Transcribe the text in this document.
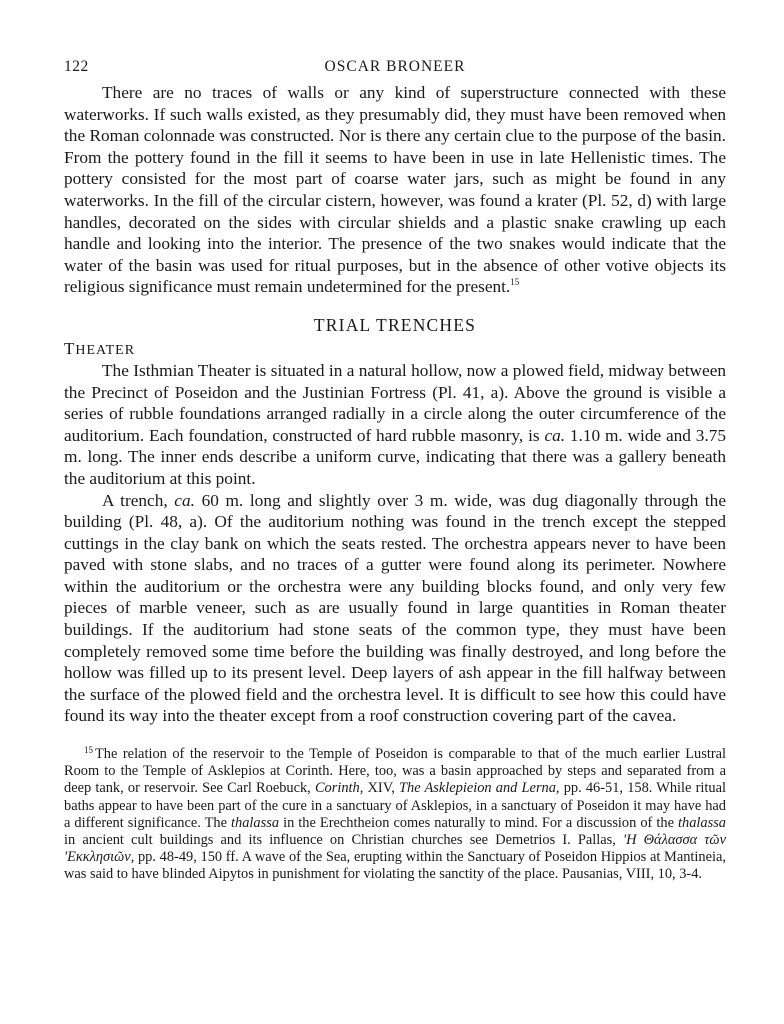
122	OSCAR BRONEER

There are no traces of walls or any kind of superstructure connected with these waterworks. If such walls existed, as they presumably did, they must have been removed when the Roman colonnade was constructed. Nor is there any certain clue to the purpose of the basin. From the pottery found in the fill it seems to have been in use in late Hellenistic times. The pottery consisted for the most part of coarse water jars, such as might be found in any waterworks. In the fill of the circular cistern, however, was found a krater (Pl. 52, d) with large handles, decorated on the sides with circular shields and a plastic snake crawling up each handle and looking into the interior. The presence of the two snakes would indicate that the water of the basin was used for ritual purposes, but in the absence of other votive objects its religious significance must remain undetermined for the present.$^{15}$

TRIAL TRENCHES
THEATER

The Isthmian Theater is situated in a natural hollow, now a plowed field, midway between the Precinct of Poseidon and the Justinian Fortress (Pl. 41, a). Above the ground is visible a series of rubble foundations arranged radially in a circle along the outer circumference of the auditorium. Each foundation, constructed of hard rubble masonry, is ca. 1.10 m. wide and 3.75 m. long. The inner ends describe a uniform curve, indicating that there was a gallery beneath the auditorium at this point.

A trench, ca. 60 m. long and slightly over 3 m. wide, was dug diagonally through the building (Pl. 48, a). Of the auditorium nothing was found in the trench except the stepped cuttings in the clay bank on which the seats rested. The orchestra appears never to have been paved with stone slabs, and no traces of a gutter were found along its perimeter. Nowhere within the auditorium or the orchestra were any building blocks found, and only very few pieces of marble veneer, such as are usually found in large quantities in Roman theater buildings. If the auditorium had stone seats of the common type, they must have been completely removed some time before the building was finally destroyed, and long before the hollow was filled up to its present level. Deep layers of ash appear in the fill halfway between the surface of the plowed field and the orchestra level. It is difficult to see how this could have found its way into the theater except from a roof construction covering part of the cavea.

$^{15}$ The relation of the reservoir to the Temple of Poseidon is comparable to that of the much earlier Lustral Room to the Temple of Asklepios at Corinth. Here, too, was a basin approached by steps and separated from a deep tank, or reservoir. See Carl Roebuck, Corinth, XIV, The Asklepieion and Lerna, pp. 46-51, 158. While ritual baths appear to have been part of the cure in a sanctuary of Asklepios, in a sanctuary of Poseidon it may have had a different significance. The thalassa in the Erechtheion comes naturally to mind. For a discussion of the thalassa in ancient cult buildings and its influence on Christian churches see Demetrios I. Pallas, 'Η Θάλασσα τῶν 'Εκκλησιῶν, pp. 48-49, 150 ff. A wave of the Sea, erupting within the Sanctuary of Poseidon Hippios at Mantineia, was said to have blinded Aipytos in punishment for violating the sanctity of the place. Pausanias, VIII, 10, 3-4.
